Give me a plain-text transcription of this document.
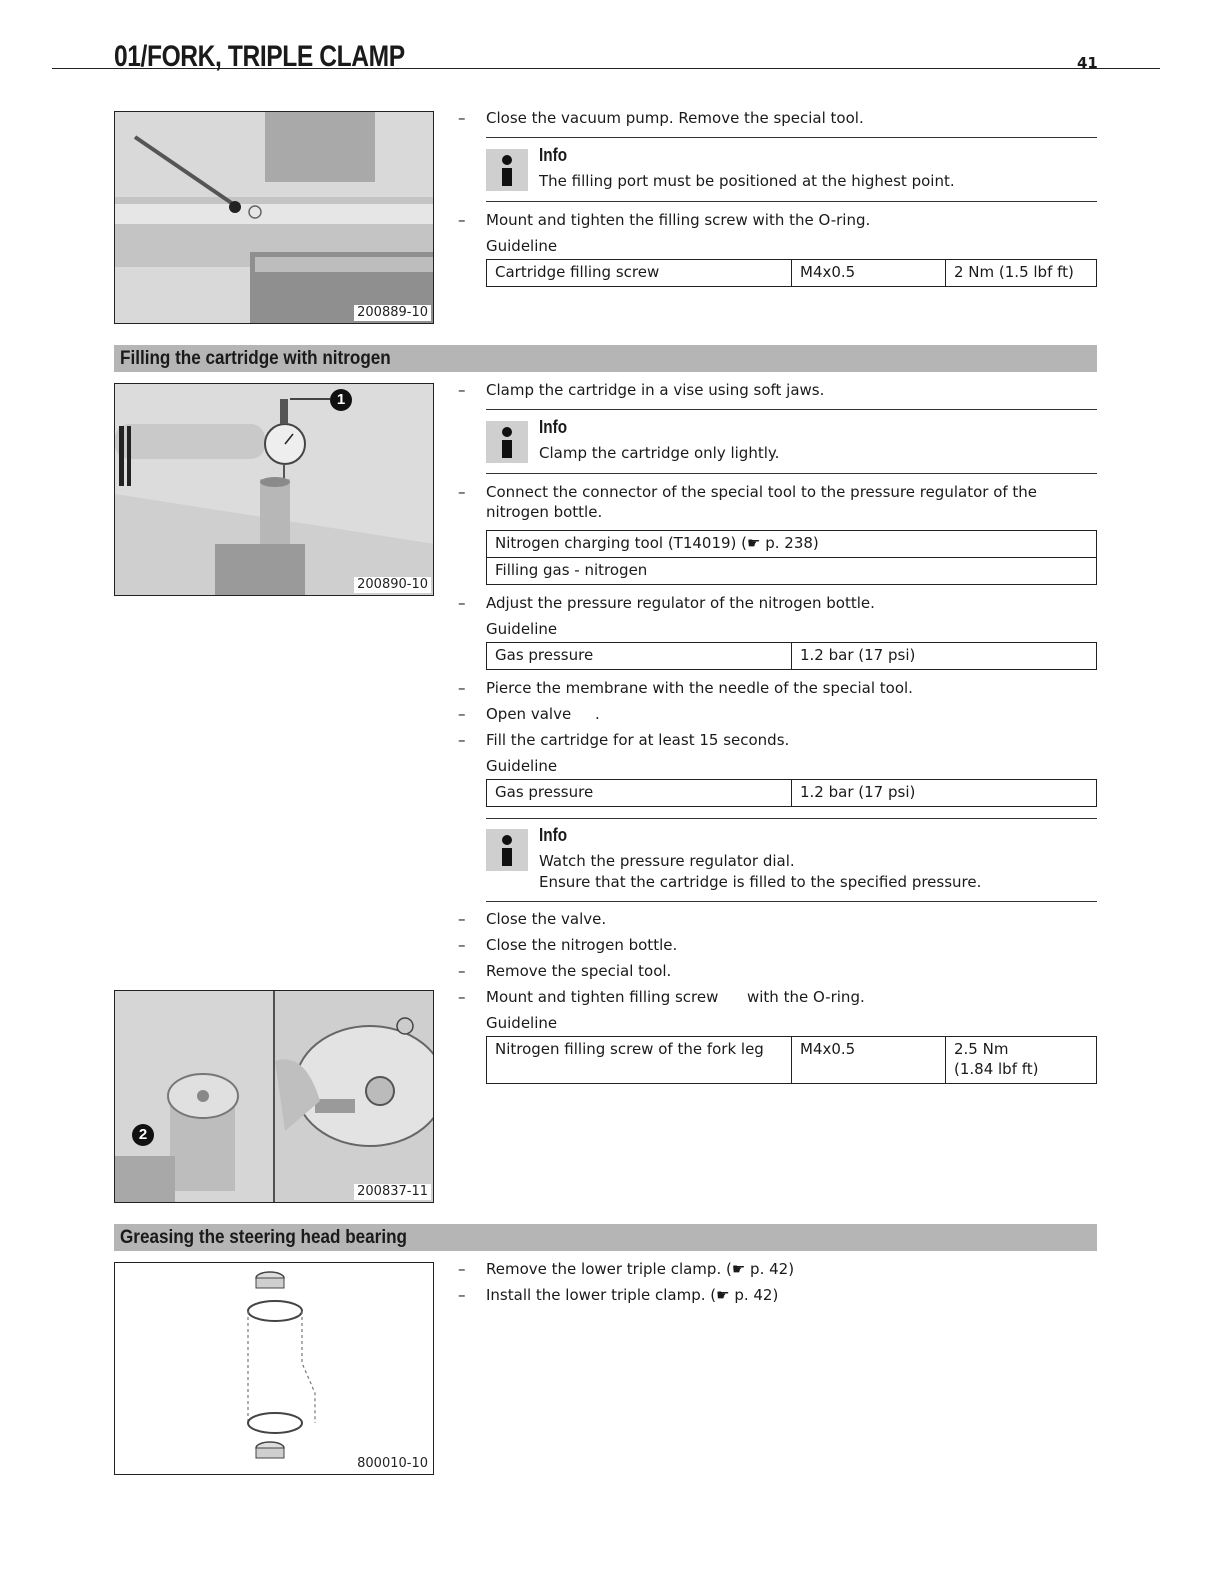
01/FORK, TRIPLE CLAMP	41
200889-10
– Close the vacuum pump. Remove the special tool.
Info
The filling port must be positioned at the highest point.
– Mount and tighten the filling screw with the O-ring.
Guideline
Cartridge filling screw	M4x0.5	2 Nm (1.5 lbf ft)
Filling the cartridge with nitrogen
1
200890-10
– Clamp the cartridge in a vise using soft jaws.
Info
Clamp the cartridge only lightly.
– Connect the connector of the special tool to the pressure regulator of the nitrogen bottle.
Nitrogen charging tool (T14019) (☛ p. 238)
Filling gas - nitrogen
– Adjust the pressure regulator of the nitrogen bottle.
Guideline
Gas pressure	1.2 bar (17 psi)
– Pierce the membrane with the needle of the special tool.
– Open valve     .
– Fill the cartridge for at least 15 seconds.
Guideline
Gas pressure	1.2 bar (17 psi)
Info
Watch the pressure regulator dial.
Ensure that the cartridge is filled to the specified pressure.
– Close the valve.
– Close the nitrogen bottle.
– Remove the special tool.
– Mount and tighten filling screw      with the O-ring.
Guideline
Nitrogen filling screw of the fork leg	M4x0.5	2.5 Nm
(1.84 lbf ft)
2
200837-11
Greasing the steering head bearing
800010-10
– Remove the lower triple clamp. (☛ p. 42)
– Install the lower triple clamp. (☛ p. 42)
